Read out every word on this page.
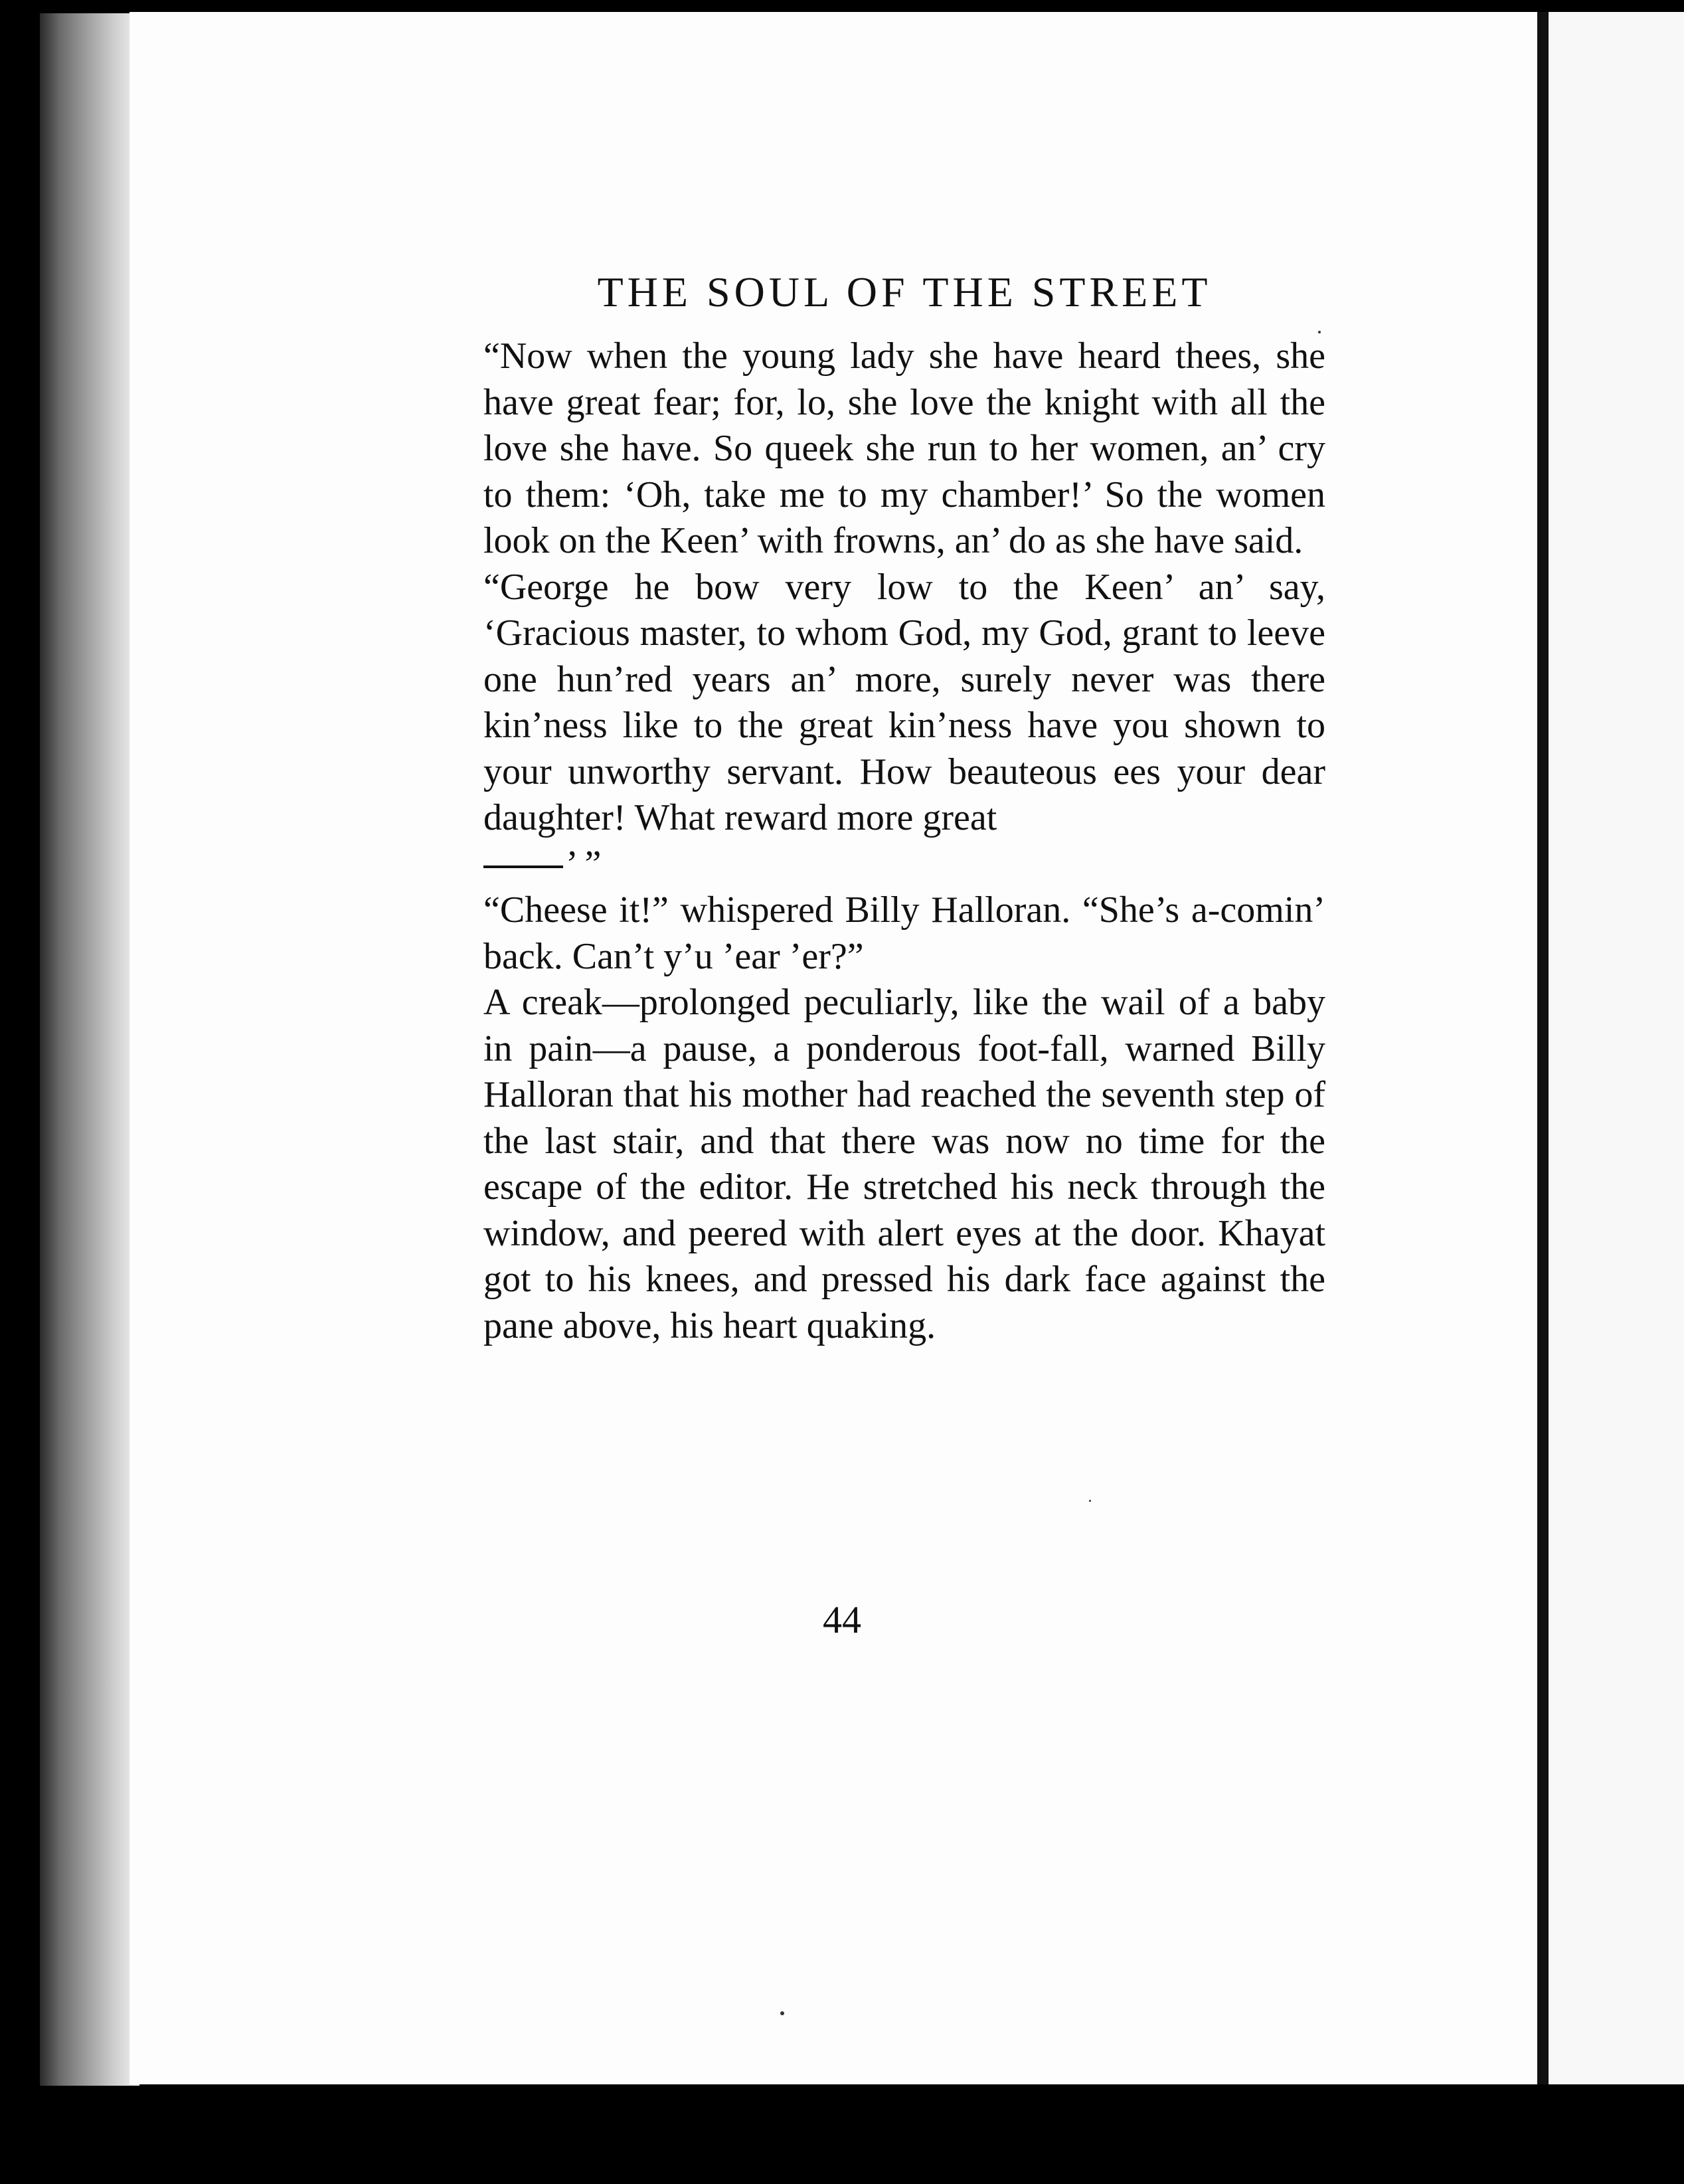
THE SOUL OF THE STREET

“Now when the young lady she have heard thees, she have great fear; for, lo, she love the knight with all the love she have. So queek she run to her women, an’ cry to them: ‘Oh, take me to my chamber!’ So the women look on the Keen’ with frowns, an’ do as she have said.

“George he bow very low to the Keen’ an’ say, ‘Gracious master, to whom God, my God, grant to leeve one hun’red years an’ more, surely never was there kin’ness like to the great kin’ness have you shown to your unworthy servant. How beauteous ees your dear daughter! What reward more great

’ ”

“Cheese it!” whispered Billy Halloran. “She’s a-comin’ back. Can’t y’u ’ear ’er?”

A creak—prolonged peculiarly, like the wail of a baby in pain—a pause, a ponderous foot-fall, warned Billy Halloran that his mother had reached the seventh step of the last stair, and that there was now no time for the escape of the editor. He stretched his neck through the window, and peered with alert eyes at the door. Khayat got to his knees, and pressed his dark face against the pane above, his heart quaking.

44
